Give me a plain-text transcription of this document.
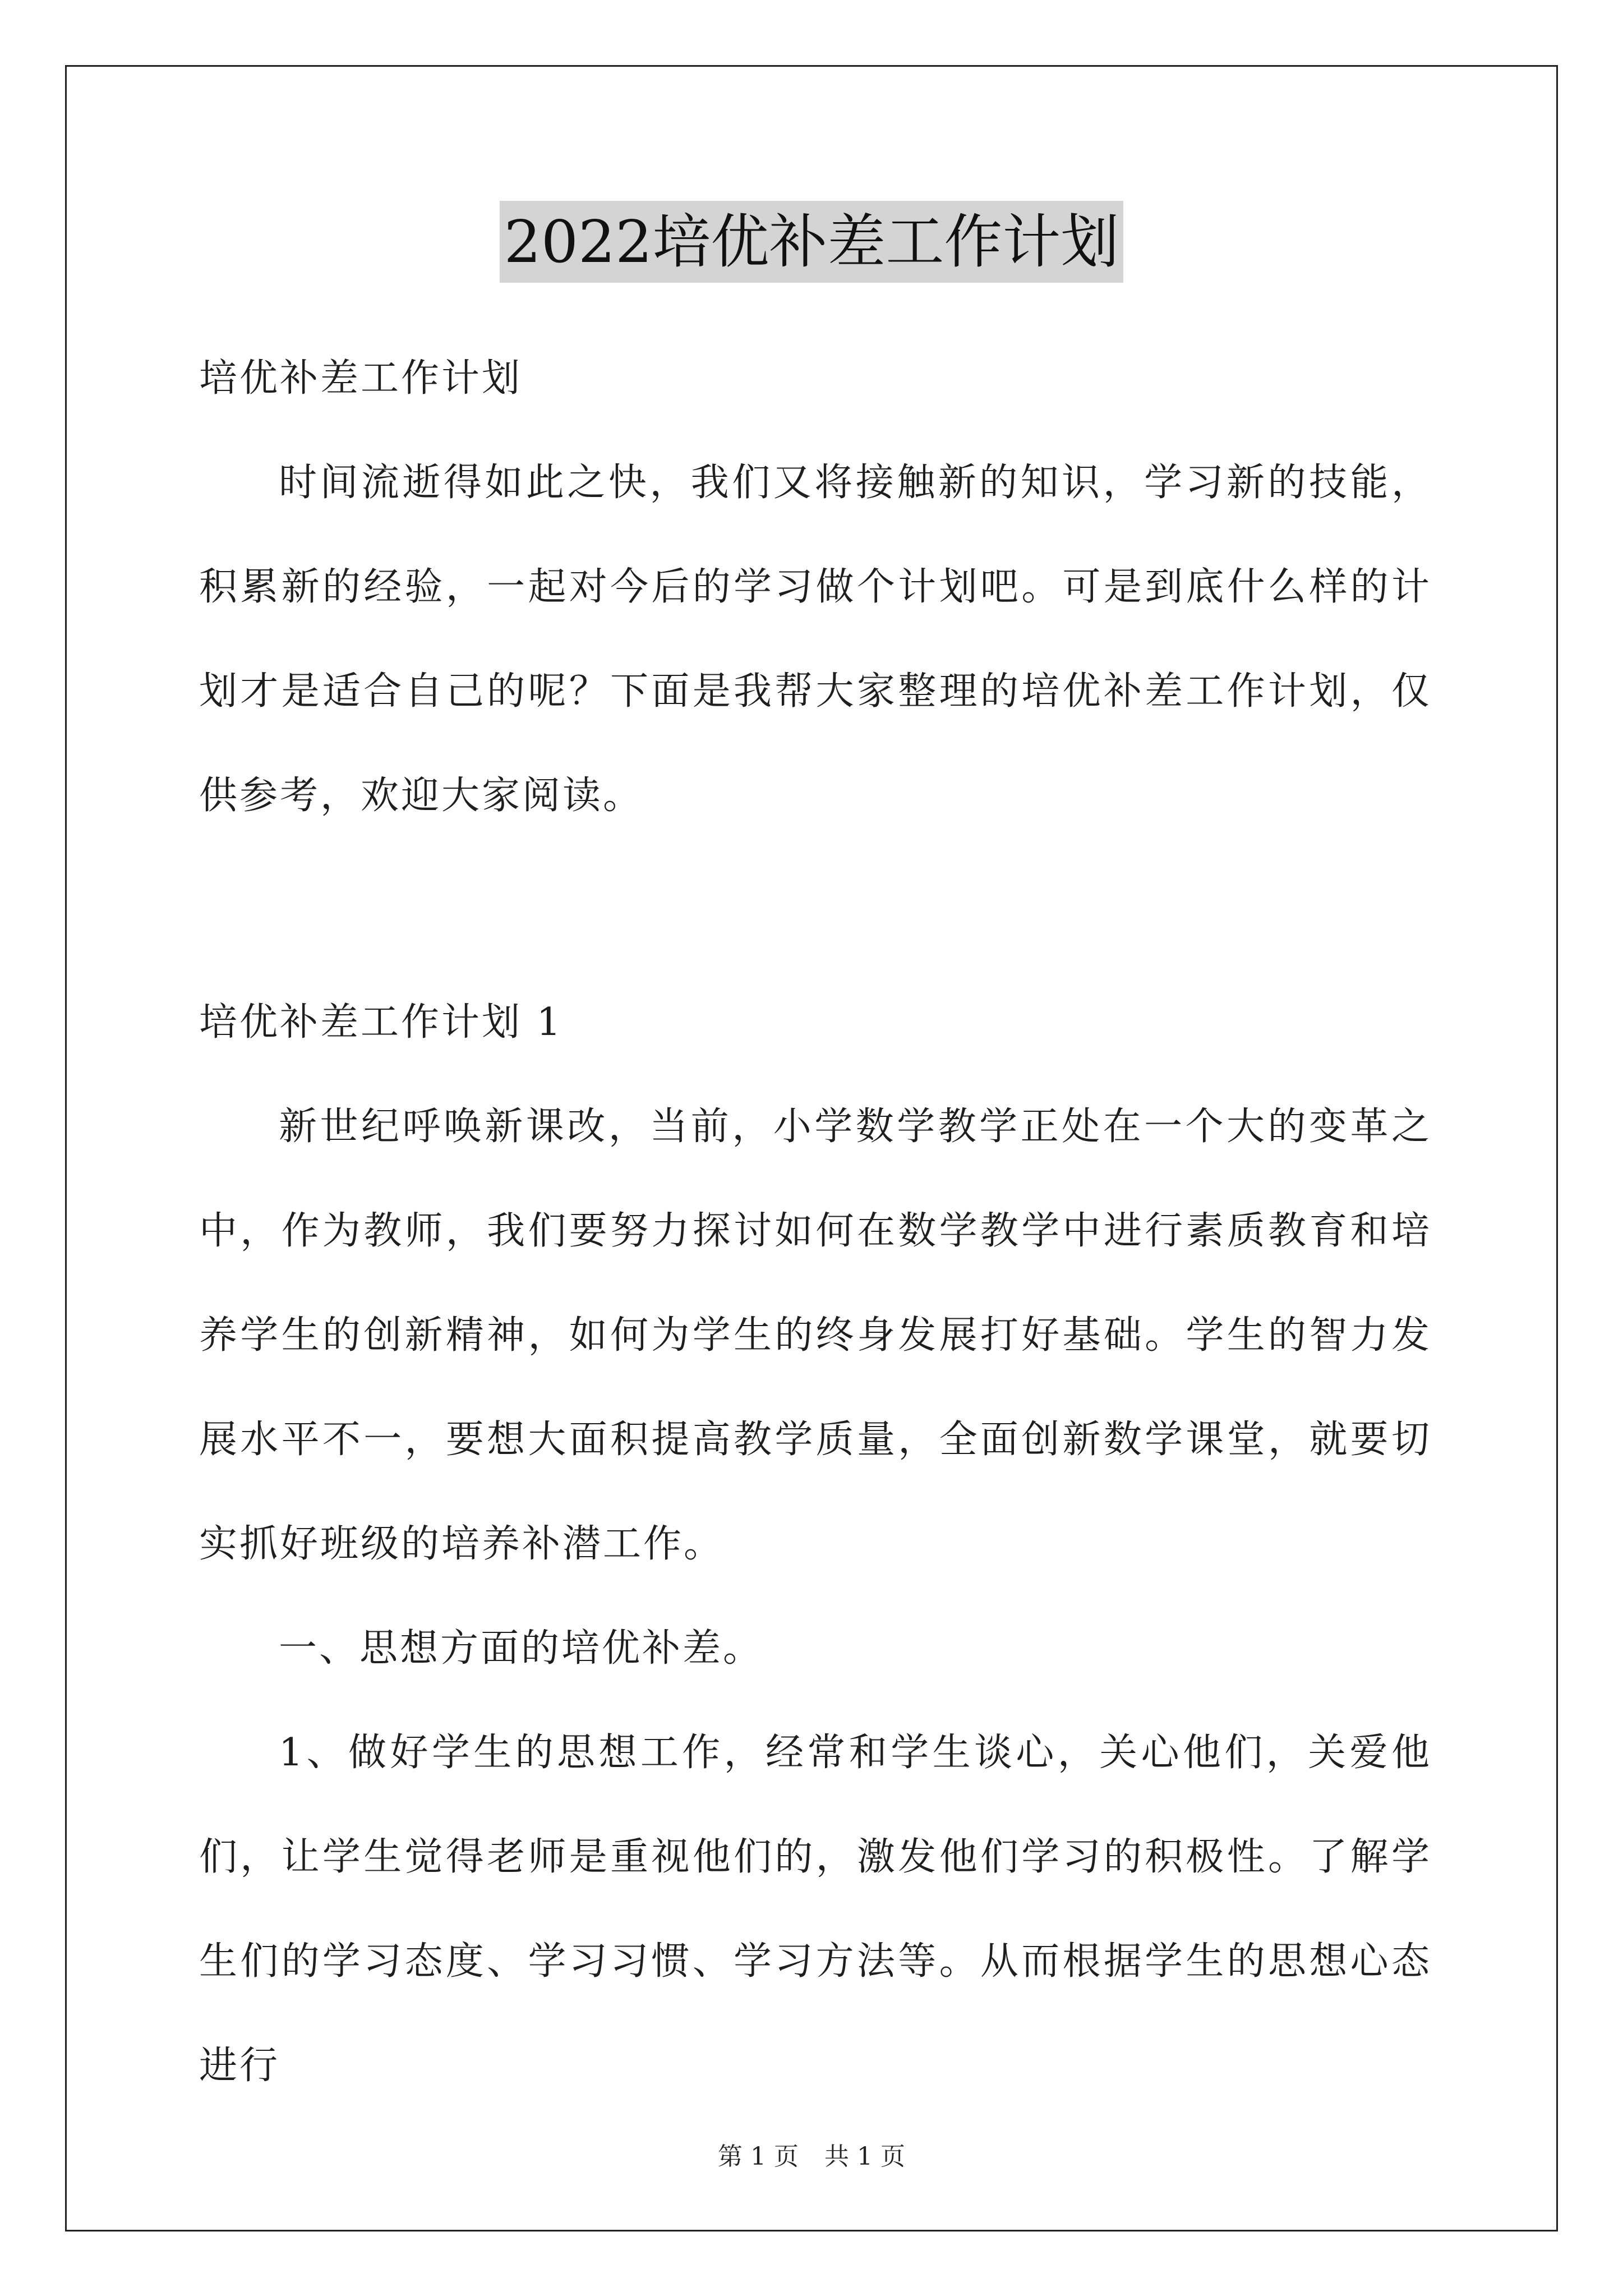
2022培优补差工作计划

培优补差工作计划

时间流逝得如此之快，我们又将接触新的知识，学习新的技能，积累新的经验，一起对今后的学习做个计划吧。可是到底什么样的计划才是适合自己的呢？下面是我帮大家整理的培优补差工作计划，仅供参考，欢迎大家阅读。

培优补差工作计划 1

新世纪呼唤新课改，当前，小学数学教学正处在一个大的变革之中，作为教师，我们要努力探讨如何在数学教学中进行素质教育和培养学生的创新精神，如何为学生的终身发展打好基础。学生的智力发展水平不一，要想大面积提高教学质量，全面创新数学课堂，就要切实抓好班级的培养补潜工作。

一、思想方面的培优补差。

1、做好学生的思想工作，经常和学生谈心，关心他们，关爱他们，让学生觉得老师是重视他们的，激发他们学习的积极性。了解学生们的学习态度、学习习惯、学习方法等。从而根据学生的思想心态进行

第 1 页 共 1 页
